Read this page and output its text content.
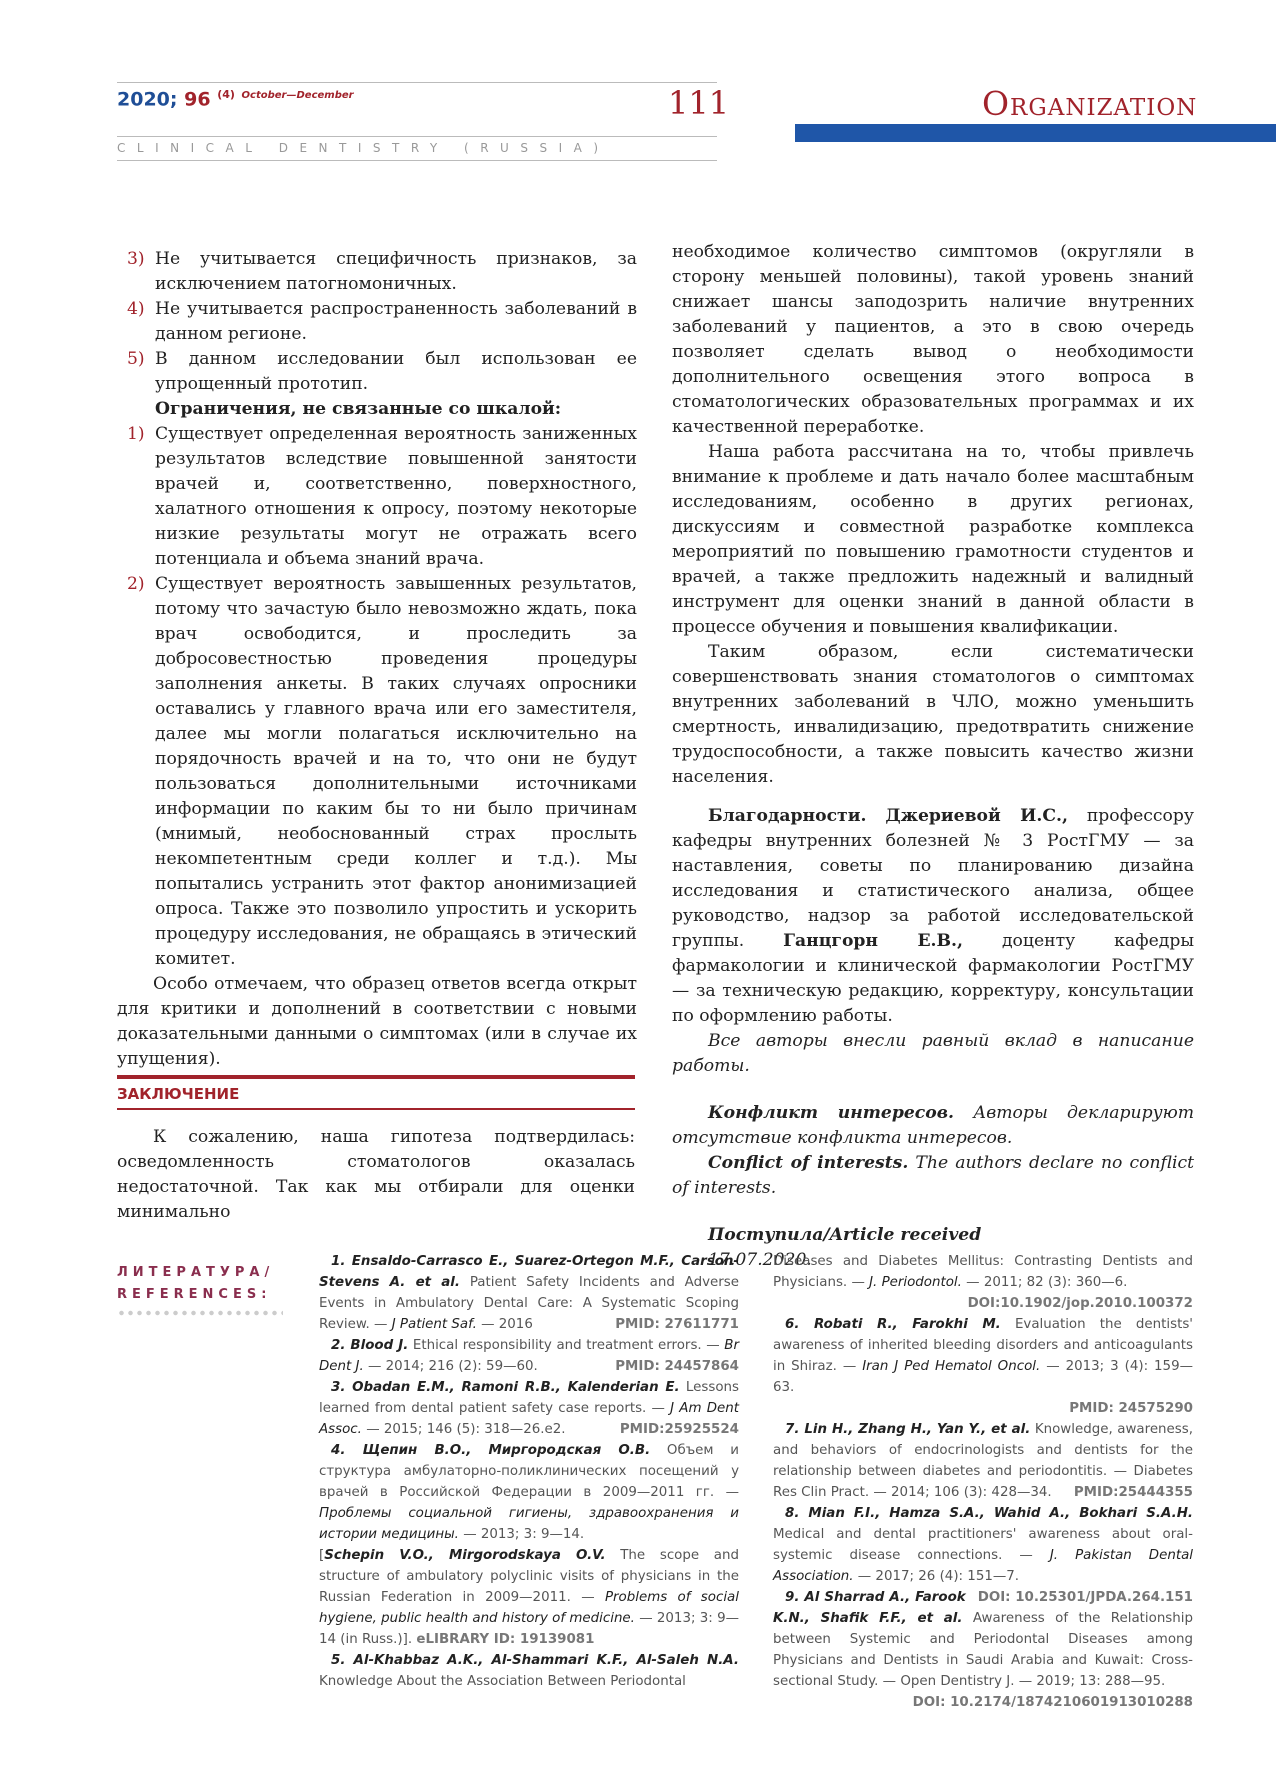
2020; 96 $^{(4)}$ $^{October—December}$	111
CLINICAL DENTISTRY (RUSSIA)
Organization
3) Не учитывается специфичность признаков, за исключением патогномоничных.
4) Не учитывается распространенность заболеваний в данном регионе.
5) В данном исследовании был использован ее упрощенный прототип.
Ограничения, не связанные со шкалой:
1) Существует определенная вероятность заниженных результатов вследствие повышенной занятости врачей и, соответственно, поверхностного, халатного отношения к опросу, поэтому некоторые низкие результаты могут не отражать всего потенциала и объема знаний врача.
2) Существует вероятность завышенных результатов, потому что зачастую было невозможно ждать, пока врач освободится, и проследить за добросовестностью проведения процедуры заполнения анкеты. В таких случаях опросники оставались у главного врача или его заместителя, далее мы могли полагаться исключительно на порядочность врачей и на то, что они не будут пользоваться дополнительными источниками информации по каким бы то ни было причинам (мнимый, необоснованный страх прослыть некомпетентным среди коллег и т.д.). Мы попытались устранить этот фактор анонимизацией опроса. Также это позволило упростить и ускорить процедуру исследования, не обращаясь в этический комитет.

Особо отмечаем, что образец ответов всегда открыт для критики и дополнений в соответствии с новыми доказательными данными о симптомах (или в случае их упущения).

ЗАКЛЮЧЕНИЕ

К сожалению, наша гипотеза подтвердилась: осведомленность стоматологов оказалась недостаточной. Так как мы отбирали для оценки минимально

необходимое количество симптомов (округляли в сторону меньшей половины), такой уровень знаний снижает шансы заподозрить наличие внутренних заболеваний у пациентов, а это в свою очередь позволяет сделать вывод о необходимости дополнительного освещения этого вопроса в стоматологических образовательных программах и их качественной переработке.

Наша работа рассчитана на то, чтобы привлечь внимание к проблеме и дать начало более масштабным исследованиям, особенно в других регионах, дискуссиям и совместной разработке комплекса мероприятий по повышению грамотности студентов и врачей, а также предложить надежный и валидный инструмент для оценки знаний в данной области в процессе обучения и повышения квалификации.

Таким образом, если систематически совершенствовать знания стоматологов о симптомах внутренних заболеваний в ЧЛО, можно уменьшить смертность, инвалидизацию, предотвратить снижение трудоспособности, а также повысить качество жизни населения.

Благодарности. Джериевой И.С., профессору кафедры внутренних болезней № 3 РостГМУ — за наставления, советы по планированию дизайна исследования и статистического анализа, общее руководство, надзор за работой исследовательской группы. Ганцгорн Е.В., доценту кафедры фармакологии и клинической фармакологии РостГМУ — за техническую редакцию, корректуру, консультации по оформлению работы.

Все авторы внесли равный вклад в написание работы.

Конфликт интересов. Авторы декларируют отсутствие конфликта интересов.

Conflict of interests. The authors declare no conflict of interests.

Поступила/Article received

17.07.2020.

ЛИТЕРАТУРА/
REFERENCES:

1. Ensaldo-Carrasco E., Suarez-Ortegon M.F., Carson-Stevens A. et al. Patient Safety Incidents and Adverse Events in Ambulatory Dental Care: A Systematic Scoping Review. — J Patient Saf. — 2016	PMID: 27611771

2. Blood J. Ethical responsibility and treatment errors. — Br Dent J. — 2014; 216 (2): 59—60.	PMID: 24457864

3. Obadan E.M., Ramoni R.B., Kalenderian E. Lessons learned from dental patient safety case reports. — J Am Dent Assoc. — 2015; 146 (5): 318—26.e2.	PMID:25925524

4. Щепин В.О., Миргородская О.В. Объем и структура амбулаторно-поликлинических посещений у врачей в Российской Федерации в 2009—2011 гг. — Проблемы социальной гигиены, здравоохранения и истории медицины. — 2013; 3: 9—14.

[Schepin V.O., Mirgorodskaya O.V. The scope and structure of ambulatory polyclinic visits of physicians in the Russian Federation in 2009—2011. — Problems of social hygiene, public health and history of medicine. — 2013; 3: 9—14 (in Russ.)]. eLIBRARY ID: 19139081

5. Al-Khabbaz A.K., Al-Shammari K.F., Al-Saleh N.A. Knowledge About the Association Between Periodontal

Diseases and Diabetes Mellitus: Contrasting Dentists and Physicians. — J. Periodontol. — 2011; 82 (3): 360—6.
DOI:10.1902/jop.2010.100372

6. Robati R., Farokhi M. Evaluation the dentists' awareness of inherited bleeding disorders and anticoagulants in Shiraz. — Iran J Ped Hematol Oncol. — 2013; 3 (4): 159—63.
PMID: 24575290

7. Lin H., Zhang H., Yan Y., et al. Knowledge, awareness, and behaviors of endocrinologists and dentists for the relationship between diabetes and periodontitis. — Diabetes Res Clin Pract. — 2014; 106 (3): 428—34.	PMID:25444355

8. Mian F.I., Hamza S.A., Wahid A., Bokhari S.A.H. Medical and dental practitioners' awareness about oral-systemic disease connections. — J. Pakistan Dental Association. — 2017; 26 (4): 151—7.
DOI: 10.25301/JPDA.264.151

9. Al Sharrad A., Farook K.N., Shafik F.F., et al. Awareness of the Relationship between Systemic and Periodontal Diseases among Physicians and Dentists in Saudi Arabia and Kuwait: Cross-sectional Study. — Open Dentistry J. — 2019; 13: 288—95.
DOI: 10.2174/1874210601913010288
